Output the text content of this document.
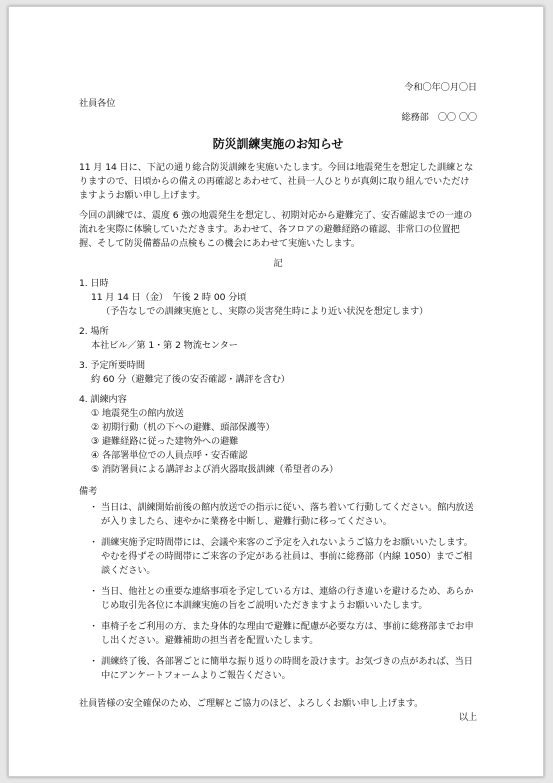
令和〇年〇月〇日
社員各位
総務部　〇〇 〇〇
防災訓練実施のお知らせ

11 月 14 日に、下記の通り総合防災訓練を実施いたします。今回は地震発生を想定した訓練となりますので、日頃からの備えの再確認とあわせて、社員一人ひとりが真剣に取り組んでいただけますようお願い申し上げます。

今回の訓練では、震度 6 強の地震発生を想定し、初期対応から避難完了、安否確認までの一連の流れを実際に体験していただきます。あわせて、各フロアの避難経路の確認、非常口の位置把握、そして防災備蓄品の点検もこの機会にあわせて実施いたします。

記
1. 日時
11 月 14 日（金）　午後 2 時 00 分頃
（予告なしでの訓練実施とし、実際の災害発生時により近い状況を想定します）
2. 場所
本社ビル／第 1・第 2 物流センター
3. 予定所要時間
約 60 分（避難完了後の安否確認・講評を含む）
4. 訓練内容
① 地震発生の館内放送
② 初期行動（机の下への避難、頭部保護等）
③ 避難経路に従った建物外への避難
④ 各部署単位での人員点呼・安否確認
⑤ 消防署員による講評および消火器取扱訓練（希望者のみ）
備考
・ 当日は、訓練開始前後の館内放送での指示に従い、落ち着いて行動してください。館内放送が入りましたら、速やかに業務を中断し、避難行動に移ってください。
・ 訓練実施予定時間帯には、会議や来客のご予定を入れないようご協力をお願いいたします。やむを得ずその時間帯にご来客の予定がある社員は、事前に総務部（内線 1050）までご相談ください。
・ 当日、他社との重要な連絡事項を予定している方は、連絡の行き違いを避けるため、あらかじめ取引先各位に本訓練実施の旨をご説明いただきますようお願いいたします。
・ 車椅子をご利用の方、また身体的な理由で避難に配慮が必要な方は、事前に総務部までお申し出ください。避難補助の担当者を配置いたします。
・ 訓練終了後、各部署ごとに簡単な振り返りの時間を設けます。お気づきの点があれば、当日中にアンケートフォームよりご報告ください。
社員皆様の安全確保のため、ご理解とご協力のほど、よろしくお願い申し上げます。
以上
